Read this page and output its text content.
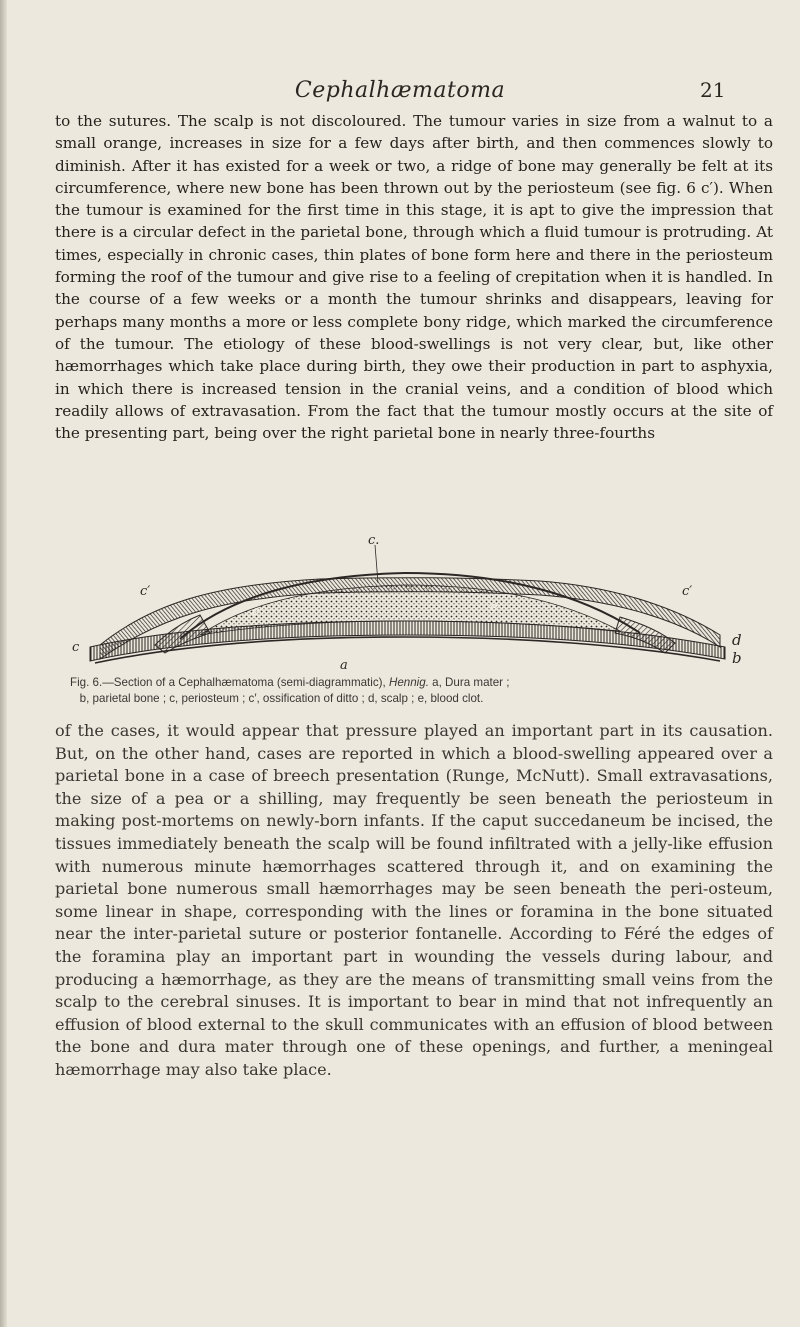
Cephalhæmatoma	21

to the sutures. The scalp is not discoloured. The tumour varies in size from a walnut to a small orange, increases in size for a few days after birth, and then commences slowly to diminish. After it has existed for a week or two, a ridge of bone may generally be felt at its circumference, where new bone has been thrown out by the periosteum (see fig. 6 c′). When the tumour is examined for the first time in this stage, it is apt to give the impression that there is a circular defect in the parietal bone, through which a fluid tumour is protruding. At times, especially in chronic cases, thin plates of bone form here and there in the periosteum forming the roof of the tumour and give rise to a feeling of crepitation when it is handled. In the course of a few weeks or a month the tumour shrinks and disappears, leaving for perhaps many months a more or less complete bony ridge, which marked the circumference of the tumour. The etiology of these blood-swellings is not very clear, but, like other hæmorrhages which take place during birth, they owe their production in part to asphyxia, in which there is increased tension in the cranial veins, and a condition of blood which readily allows of extravasation. From the fact that the tumour mostly occurs at the site of the presenting part, being over the right parietal bone in nearly three-fourths

c.
c′	c′
c
e	e
a
d
b

Fig. 6.—Section of a Cephalhæmatoma (semi-diagrammatic), Hennig. a, Dura mater ;
b, parietal bone ; c, periosteum ; c′, ossification of ditto ; d, scalp ; e, blood clot.

of the cases, it would appear that pressure played an important part in its causation. But, on the other hand, cases are reported in which a blood-swelling appeared over a parietal bone in a case of breech presentation (Runge, McNutt). Small extravasations, the size of a pea or a shilling, may frequently be seen beneath the periosteum in making post-mortems on newly-born infants. If the caput succedaneum be incised, the tissues immediately beneath the scalp will be found infiltrated with a jelly-like effusion with numerous minute hæmorrhages scattered through it, and on examining the parietal bone numerous small hæmorrhages may be seen beneath the peri-osteum, some linear in shape, corresponding with the lines or foramina in the bone situated near the inter-parietal suture or posterior fontanelle. According to Féré the edges of the foramina play an important part in wounding the vessels during labour, and producing a hæmorrhage, as they are the means of transmitting small veins from the scalp to the cerebral sinuses. It is important to bear in mind that not infrequently an effusion of blood external to the skull communicates with an effusion of blood between the bone and dura mater through one of these openings, and further, a meningeal hæmorrhage may also take place.
